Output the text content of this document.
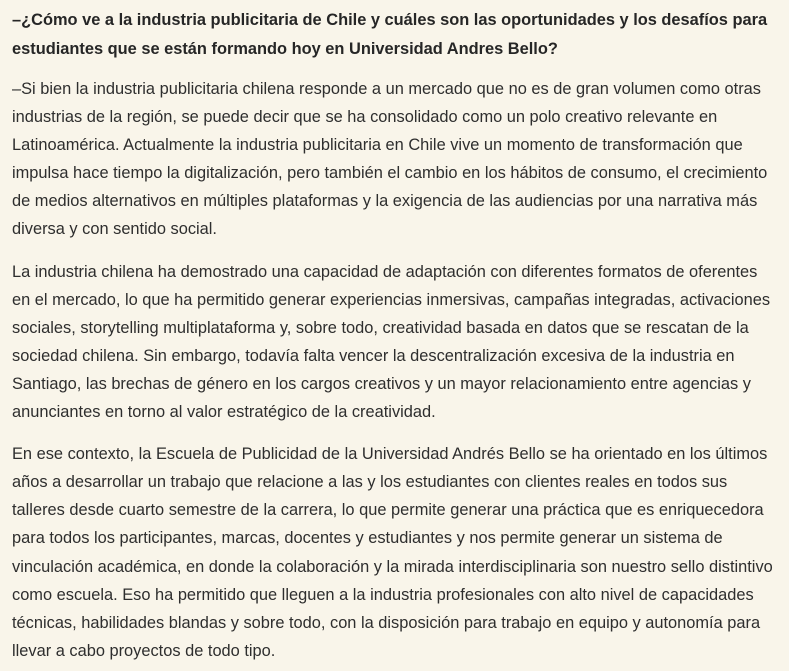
–¿Cómo ve a la industria publicitaria de Chile y cuáles son las oportunidades y los desafíos para estudiantes que se están formando hoy en Universidad Andres Bello?

–Si bien la industria publicitaria chilena responde a un mercado que no es de gran volumen como otras industrias de la región, se puede decir que se ha consolidado como un polo creativo relevante en Latinoamérica. Actualmente la industria publicitaria en Chile vive un momento de transformación que impulsa hace tiempo la digitalización, pero también el cambio en los hábitos de consumo, el crecimiento de medios alternativos en múltiples plataformas y la exigencia de las audiencias por una narrativa más diversa y con sentido social.

La industria chilena ha demostrado una capacidad de adaptación con diferentes formatos de oferentes en el mercado, lo que ha permitido generar experiencias inmersivas, campañas integradas, activaciones sociales, storytelling multiplataforma y, sobre todo, creatividad basada en datos que se rescatan de la sociedad chilena. Sin embargo, todavía falta vencer la descentralización excesiva de la industria en Santiago, las brechas de género en los cargos creativos y un mayor relacionamiento entre agencias y anunciantes en torno al valor estratégico de la creatividad.

En ese contexto, la Escuela de Publicidad de la Universidad Andrés Bello se ha orientado en los últimos años a desarrollar un trabajo que relacione a las y los estudiantes con clientes reales en todos sus talleres desde cuarto semestre de la carrera, lo que permite generar una práctica que es enriquecedora para todos los participantes, marcas, docentes y estudiantes y nos permite generar un sistema de vinculación académica, en donde la colaboración y la mirada interdisciplinaria son nuestro sello distintivo como escuela. Eso ha permitido que lleguen a la industria profesionales con alto nivel de capacidades técnicas, habilidades blandas y sobre todo, con la disposición para trabajo en equipo y autonomía para llevar a cabo proyectos de todo tipo.
